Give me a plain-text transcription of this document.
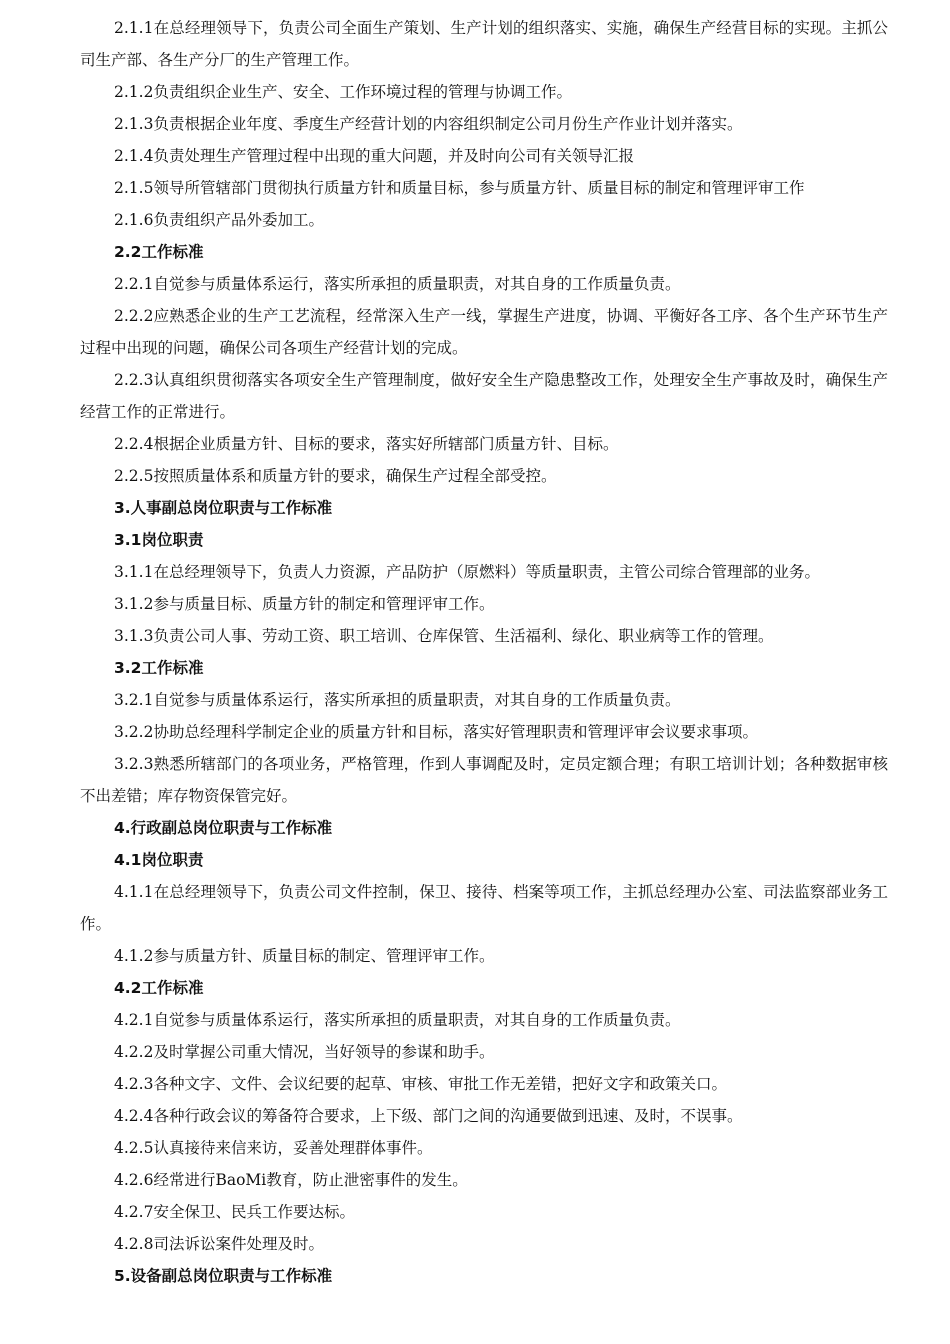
2.1.1在总经理领导下，负责公司全面生产策划、生产计划的组织落实、实施，确保生产经营目标的实现。主抓公司生产部、各生产分厂的生产管理工作。

2.1.2负责组织企业生产、安全、工作环境过程的管理与协调工作。

2.1.3负责根据企业年度、季度生产经营计划的内容组织制定公司月份生产作业计划并落实。

2.1.4负责处理生产管理过程中出现的重大问题，并及时向公司有关领导汇报

2.1.5领导所管辖部门贯彻执行质量方针和质量目标，参与质量方针、质量目标的制定和管理评审工作

2.1.6负责组织产品外委加工。

2.2工作标准

2.2.1自觉参与质量体系运行，落实所承担的质量职责，对其自身的工作质量负责。

2.2.2应熟悉企业的生产工艺流程，经常深入生产一线，掌握生产进度，协调、平衡好各工序、各个生产环节生产过程中出现的问题，确保公司各项生产经营计划的完成。

2.2.3认真组织贯彻落实各项安全生产管理制度，做好安全生产隐患整改工作，处理安全生产事故及时，确保生产经营工作的正常进行。

2.2.4根据企业质量方针、目标的要求，落实好所辖部门质量方针、目标。

2.2.5按照质量体系和质量方针的要求，确保生产过程全部受控。

3.人事副总岗位职责与工作标准

3.1岗位职责

3.1.1在总经理领导下，负责人力资源，产品防护（原燃料）等质量职责，主管公司综合管理部的业务。

3.1.2参与质量目标、质量方针的制定和管理评审工作。

3.1.3负责公司人事、劳动工资、职工培训、仓库保管、生活福利、绿化、职业病等工作的管理。

3.2工作标准

3.2.1自觉参与质量体系运行，落实所承担的质量职责，对其自身的工作质量负责。

3.2.2协助总经理科学制定企业的质量方针和目标，落实好管理职责和管理评审会议要求事项。

3.2.3熟悉所辖部门的各项业务，严格管理，作到人事调配及时，定员定额合理；有职工培训计划；各种数据审核不出差错；库存物资保管完好。

4.行政副总岗位职责与工作标准

4.1岗位职责

4.1.1在总经理领导下，负责公司文件控制，保卫、接待、档案等项工作，主抓总经理办公室、司法监察部业务工作。

4.1.2参与质量方针、质量目标的制定、管理评审工作。

4.2工作标准

4.2.1自觉参与质量体系运行，落实所承担的质量职责，对其自身的工作质量负责。

4.2.2及时掌握公司重大情况，当好领导的参谋和助手。

4.2.3各种文字、文件、会议纪要的起草、审核、审批工作无差错，把好文字和政策关口。

4.2.4各种行政会议的筹备符合要求，上下级、部门之间的沟通要做到迅速、及时，不误事。

4.2.5认真接待来信来访，妥善处理群体事件。

4.2.6经常进行BaoMi教育，防止泄密事件的发生。

4.2.7安全保卫、民兵工作要达标。

4.2.8司法诉讼案件处理及时。

5.设备副总岗位职责与工作标准
